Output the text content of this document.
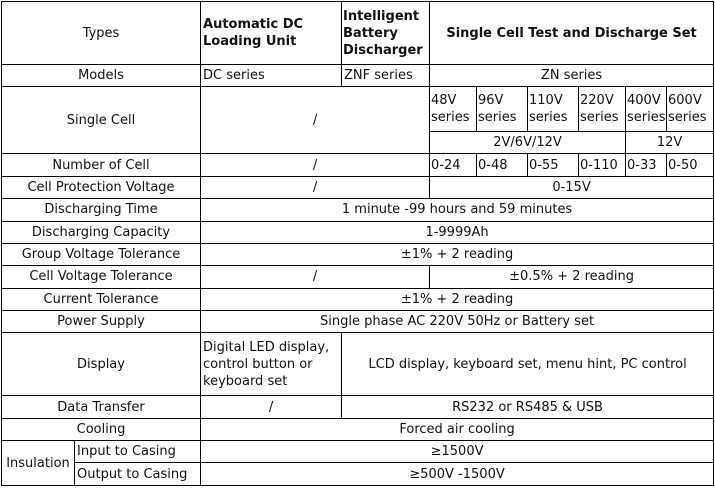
Types		Automatic DC Loading Unit	Intelligent Battery Discharger	Single Cell Test and Discharge Set					
Models		DC series	ZNF series	ZN series					
Single Cell		/		48V series	96V series	110V series	220V series	400V series	600V series
				2V/6V/12V				12V	
Number of Cell		/		0-24	0-48	0-55	0-110	0-33	0-50
Cell Protection Voltage		/		0-15V					
Discharging Time		1 minute -99 hours and 59 minutes							
Discharging Capacity		1-9999Ah							
Group Voltage Tolerance		±1% + 2 reading							
Cell Voltage Tolerance		/		±0.5% + 2 reading					
Current Tolerance		±1% + 2 reading							
Power Supply		Single phase AC 220V 50Hz or Battery set							
Display		Digital LED display, control button or keyboard set	LCD display, keyboard set, menu hint, PC control						
Data Transfer		/	RS232 or RS485 & USB						
Cooling		Forced air cooling							
Insulation	Input to Casing	≥1500V							
	Output to Casing	≥500V -1500V							
